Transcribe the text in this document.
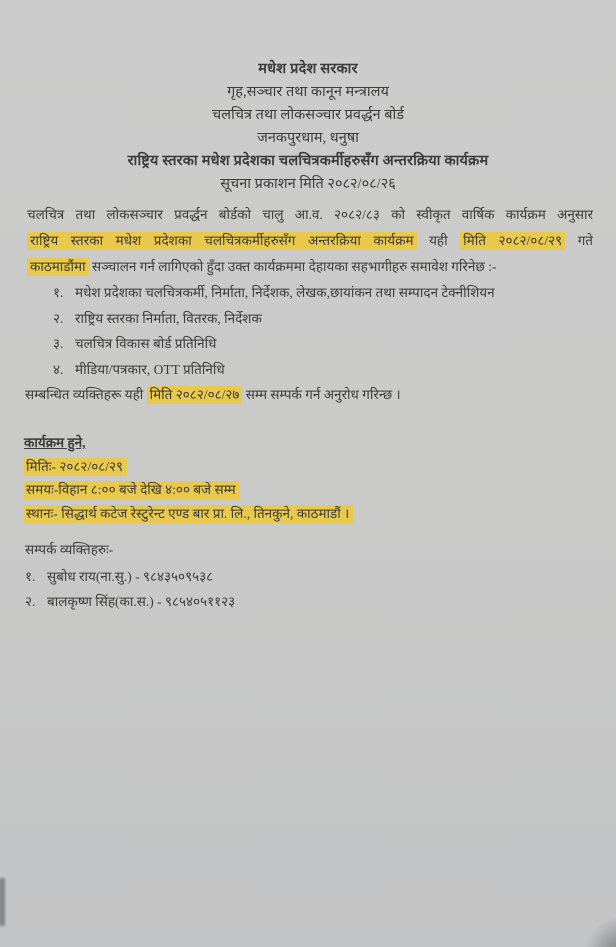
मधेश प्रदेश सरकार
गृह,सञ्चार तथा कानून मन्त्रालय
चलचित्र तथा लोकसञ्चार प्रवर्द्धन बोर्ड
जनकपुरधाम, धनुषा
राष्ट्रिय स्तरका मधेश प्रदेशका चलचित्रकर्मीहरुसँग अन्तरक्रिया कार्यक्रम
सूचना प्रकाशन मिति २०८२/०८/२६
चलचित्र तथा लोकसञ्चार प्रवर्द्धन बोर्डको चालु आ.व. २०८२/८३ को स्वीकृत वार्षिक कार्यक्रम अनुसार
राष्ट्रिय स्तरका मधेश प्रदेशका चलचित्रकर्मीहरुसँग अन्तरक्रिया कार्यक्रम यही मिति २०८२/०८/२९ गते
काठमाडौंमा सञ्चालन गर्न लागिएको हुँदा उक्त कार्यक्रममा देहायका सहभागीहरु समावेश गरिनेछ :-
१. मधेश प्रदेशका चलचित्रकर्मी, निर्माता, निर्देशक, लेखक,छायांकन तथा सम्पादन टेक्नीशियन
२. राष्ट्रिय स्तरका निर्माता, वितरक, निर्देशक
३. चलचित्र विकास बोर्ड प्रतिनिधि
४. मीडिया/पत्रकार, OTT प्रतिनिधि
सम्बन्धित व्यक्तिहरू यही मिति २०८२/०८/२७ सम्म सम्पर्क गर्न अनुरोध गरिन्छ ।
कार्यक्रम हुने,
मितिः- २०८२/०८/२९
समयः-विहान ८:०० बजे देखि ४:०० बजे सम्म
स्थानः- सिद्धार्थ कटेज रेस्टुरेन्ट एण्ड बार प्रा. लि., तिनकुने, काठमाडौं ।
सम्पर्क व्यक्तिहरुः-
१. सुबोध राय(ना.सु.) - ९८४३५०९५३८
२. बालकृष्ण सिंह(का.स.) - ९८५४०५११२३
